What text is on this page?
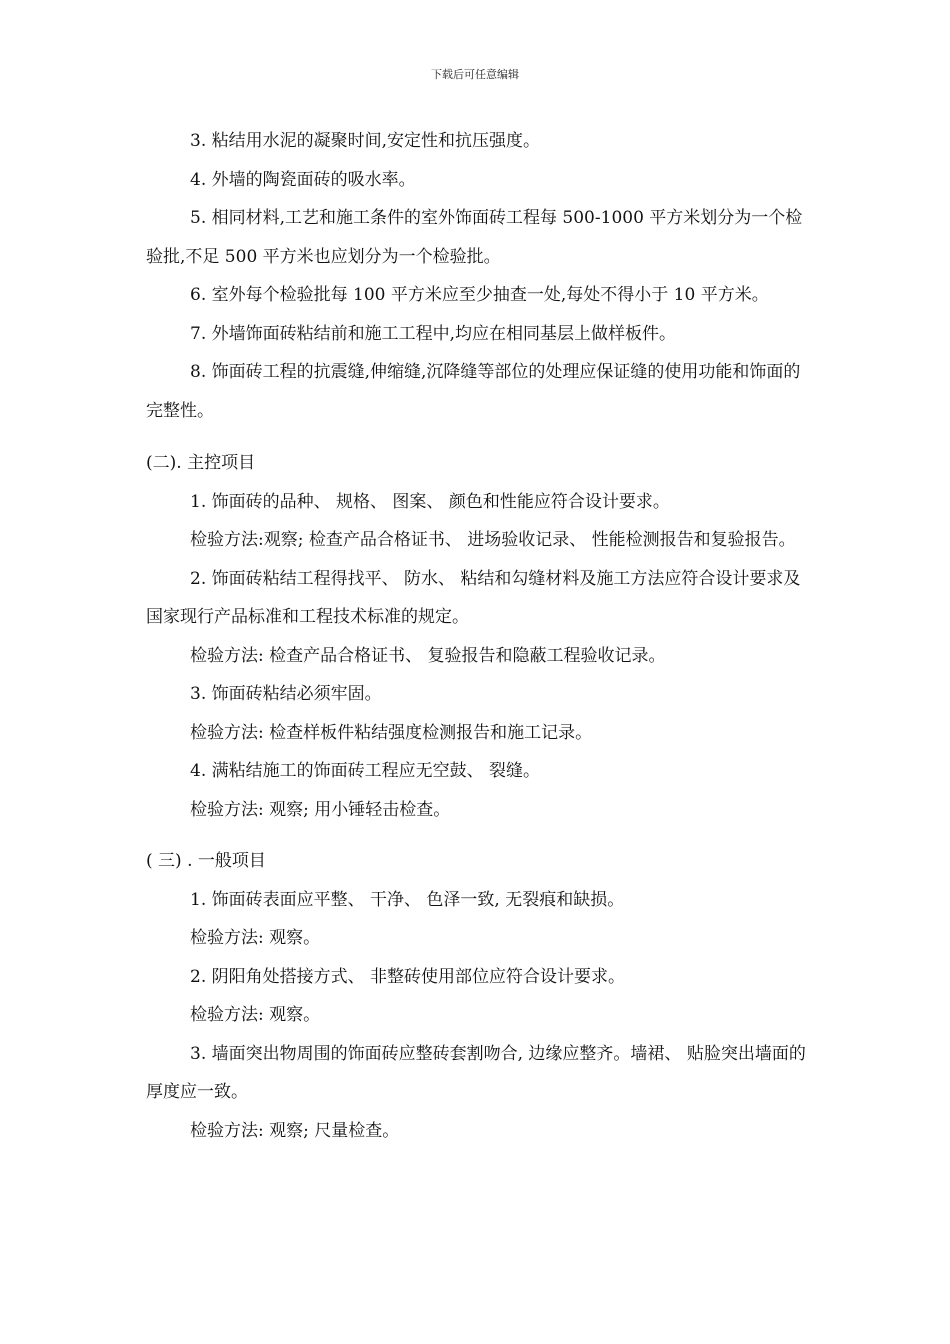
下载后可任意编辑

3. 粘结用水泥的凝聚时间,安定性和抗压强度。

4. 外墙的陶瓷面砖的吸水率。

5. 相同材料,工艺和施工条件的室外饰面砖工程每 500-1000 平方米划分为一个检验批,不足 500 平方米也应划分为一个检验批。

6. 室外每个检验批每 100 平方米应至少抽查一处,每处不得小于 10 平方米。

7. 外墙饰面砖粘结前和施工工程中,均应在相同基层上做样板件。

8. 饰面砖工程的抗震缝,伸缩缝,沉降缝等部位的处理应保证缝的使用功能和饰面的完整性。

(二). 主控项目

1. 饰面砖的品种、 规格、 图案、 颜色和性能应符合设计要求。

检验方法:观察; 检查产品合格证书、 进场验收记录、 性能检测报告和复验报告。

2. 饰面砖粘结工程得找平、 防水、 粘结和勾缝材料及施工方法应符合设计要求及国家现行产品标准和工程技术标准的规定。

检验方法: 检查产品合格证书、 复验报告和隐蔽工程验收记录。

3. 饰面砖粘结必须牢固。

检验方法: 检查样板件粘结强度检测报告和施工记录。

4. 满粘结施工的饰面砖工程应无空鼓、 裂缝。

检验方法: 观察; 用小锤轻击检查。

( 三) . 一般项目

1. 饰面砖表面应平整、 干净、 色泽一致, 无裂痕和缺损。

检验方法: 观察。

2. 阴阳角处搭接方式、 非整砖使用部位应符合设计要求。

检验方法: 观察。

3. 墙面突出物周围的饰面砖应整砖套割吻合, 边缘应整齐。墙裙、 贴脸突出墙面的厚度应一致。

检验方法: 观察; 尺量检查。
